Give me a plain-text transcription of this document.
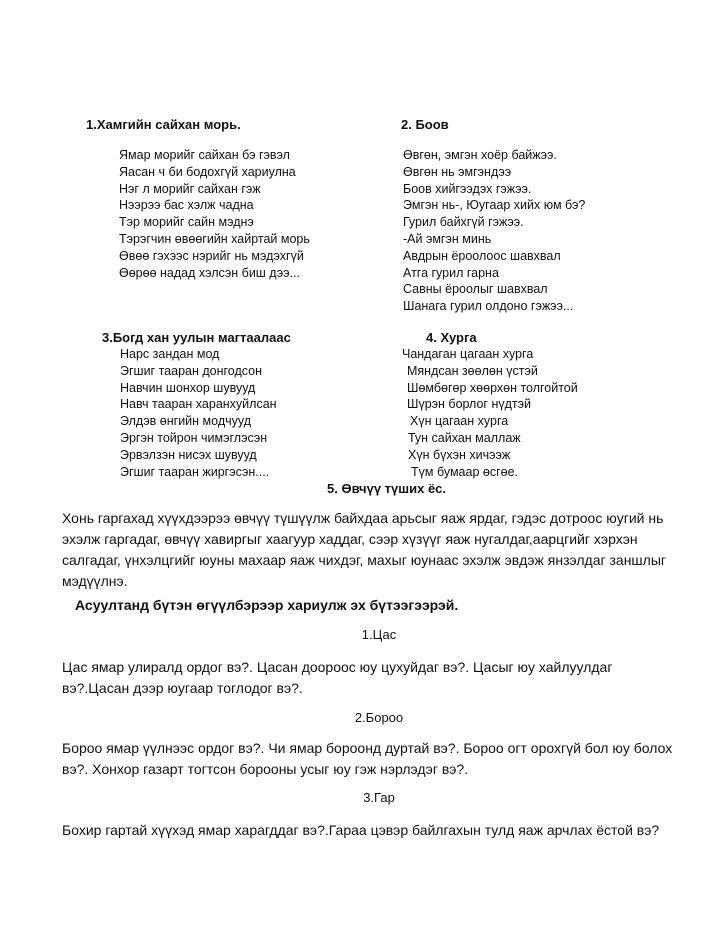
1.Хамгийн сайхан морь.
Ямар морийг сайхан бэ гэвэл
Яасан ч би бодохгүй хариулна
Нэг л морийг сайхан гэж
Нээрээ бас хэлж чадна
Тэр морийг сайн мэднэ
Тэрэгчин өвөөгийн хайртай морь
Өвөө гэхээс нэрийг нь мэдэхгүй
Өөрөө надад хэлсэн биш дээ...
2. Боов
Өвгөн, эмгэн хоёр байжээ.
Өвгөн нь эмгэндээ
Боов хийгээдэх гэжээ.
Эмгэн нь-, Юугаар хийх юм бэ?
Гурил байхгүй гэжээ.
-Ай эмгэн минь
Авдрын ёроолоос шавхвал
Атга гурил гарна
Савны ёроолыг шавхвал
Шанага гурил олдоно гэжээ...
3.Богд хан уулын магтаалаас
Нарс зандан мод
Эгшиг тааран донгодсон
Навчин шонхор шувууд
Навч тааран харанхуйлсан
Элдэв өнгийн модчууд
Эргэн тойрон чимэглэсэн
Эрвэлзэн нисэх шувууд
Эгшиг таарaн жиргэсэн....
4. Хурга
Чандаган цагаан хурга
Мяндсан зөөлөн үстэй
Шөмбөгөр хөөрхөн толгойтой
Шүрэн борлог нүдтэй
Хүн цагаан хурга
Тун сайхан маллаж
Хүн бүхэн хичээж
Түм бумаар өсгөе.
5. Өвчүү түших ёс.
Хонь гаргахад хүүхдээрээ өвчүү түшүүлж байхдаа арьсыг яаж ярдаг, гэдэс дотроос юугий нь эхэлж гаргадаг, өвчүү хавиргыг хаагуур хаддаг, сээр хүзүүг яаж нугалдаг,аарцгийг хэрхэн салгадаг, үнхэлцгийг юуны махаар яаж чихдэг, махыг юунаас эхэлж эвдэж янзэлдаг заншлыг мэдүүлнэ.
Асуултанд бүтэн өгүүлбэрээр хариулж эх бүтээгээрэй.
1.Цас
Цас ямар улиралд ордог вэ?. Цасан доороос юу цухуйдаг вэ?. Цасыг юу хайлуулдаг вэ?.Цасан дээр юугаар тоглодог вэ?.
2.Бороо
Бороо ямар үүлнээс ордог вэ?. Чи ямар бороонд дуртай вэ?. Бороо огт орохгүй бол юу болох вэ?. Хонхор газарт тогтсон борооны усыг юу гэж нэрлэдэг вэ?.
3.Гар
Бохир гартай хүүхэд ямар харагддаг вэ?.Гараа цэвэр байлгахын тулд яаж арчлах ёстой вэ?
